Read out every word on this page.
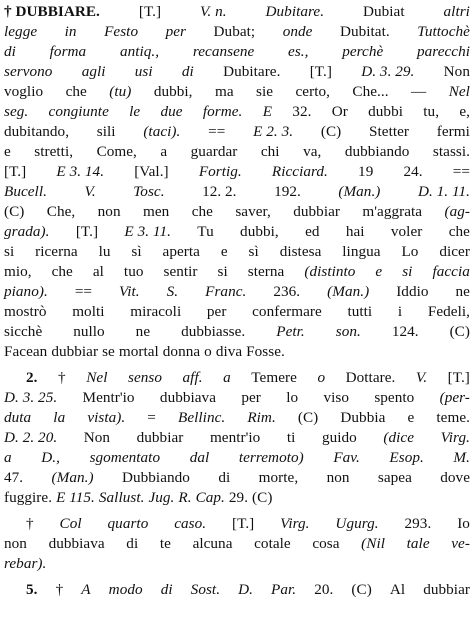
† DUBBIARE.	[T.]	V. n.	Dubitare.	Dubiat	altri
legge in Festo per Dubat; onde Dubitat. Tuttochè
di forma antiq., recansene es., perchè parecchi
servono agli usi di Dubitare. [T.] D. 3. 29. Non
voglio che (tu) dubbi, ma sie certo, Che... — Nel
seg. congiunte le due forme. E 32. Or dubbi tu, e,
dubitando, sili (taci). == E 2. 3. (C) Stetter fermi
e stretti, Come, a guardar chi va, dubbiando stassi.
[T.] E 3. 14. [Val.] Fortig. Ricciard. 19 24. ==
Bucell. V. Tosc. 12. 2. 192. (Man.) D. 1. 11.
(C) Che, non men che saver, dubbiar m'aggrata (ag-
grada). [T.] E 3. 11. Tu dubbi, ed hai voler che
si ricerna lu sì aperta e sì distesa lingua Lo dicer
mio, che al tuo sentir si sterna (distinto e si faccia
piano). == Vit. S. Franc. 236. (Man.) Iddio ne
mostrò molti miracoli per confermare tutti i Fedeli,
sicchè nullo ne dubbiasse. Petr. son. 124. (C)
Facean dubbiar se mortal donna o diva Fosse.
2. † Nel senso aff. a Temere o Dottare. V. [T.]
D. 3. 25. Mentr'io dubbiava per lo viso spento (per-
duta la vista). = Bellinc. Rim. (C) Dubbia e teme.
D. 2. 20. Non dubbiar mentr'io ti guido (dice Virg.
a D., sgomentato dal terremoto) Fav. Esop. M.
47. (Man.) Dubbiando di morte, non sapea dove
fuggire. E 115. Sallust. Jug. R. Cap. 29. (C)
† Col quarto caso. [T.] Virg. Ugurg. 293. Io
non dubbiava di te alcuna cotale cosa (Nil tale ve-
rebar).
5. † A modo di Sost. D. Par. 20. (C) Al dubbiar
